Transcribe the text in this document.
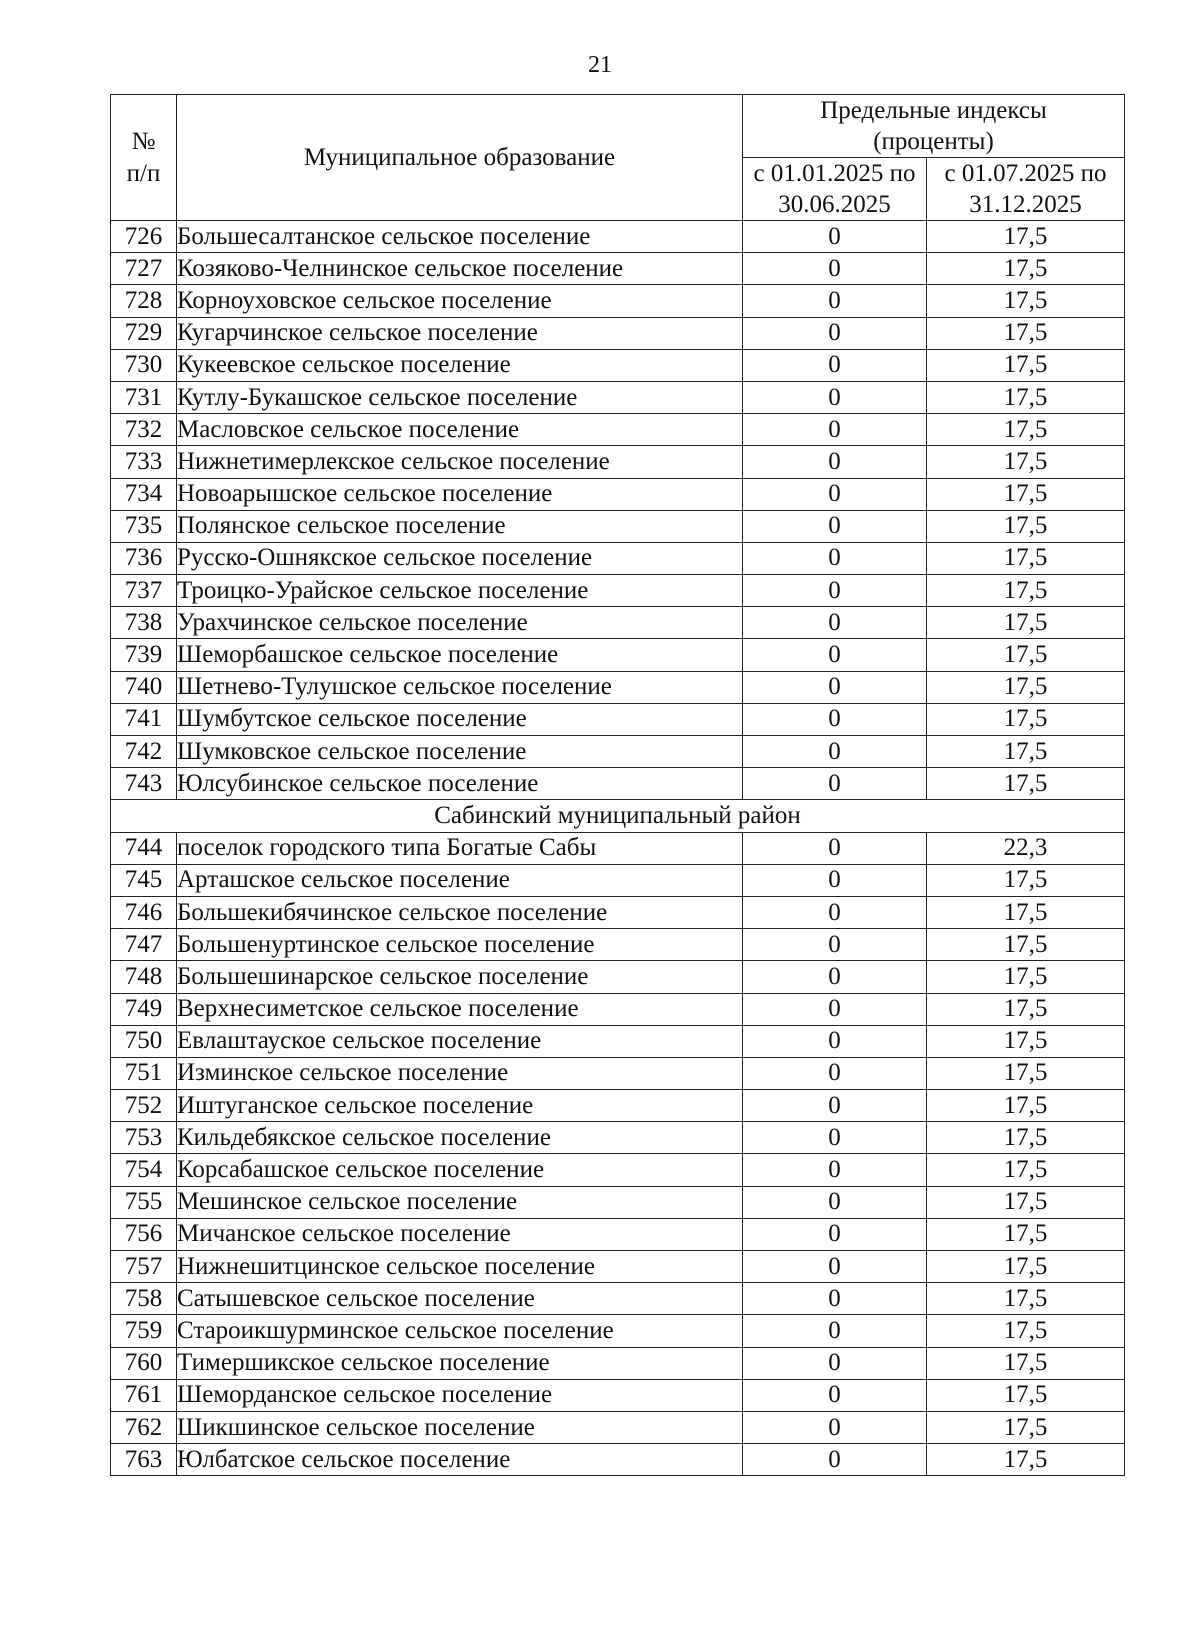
21
№
п/п	Муниципальное образование	Предельные индексы (проценты)	
		с 01.01.2025 по 30.06.2025	с 01.07.2025 по 31.12.2025
726	Большесалтанское сельское поселение	0	17,5
727	Козяково-Челнинское сельское поселение	0	17,5
728	Корноуховское сельское поселение	0	17,5
729	Кугарчинское сельское поселение	0	17,5
730	Кукеевское сельское поселение	0	17,5
731	Кутлу-Букашское сельское поселение	0	17,5
732	Масловское сельское поселение	0	17,5
733	Нижнетимерлекское сельское поселение	0	17,5
734	Новоарышское сельское поселение	0	17,5
735	Полянское сельское поселение	0	17,5
736	Русско-Ошнякское сельское поселение	0	17,5
737	Троицко-Урайское сельское поселение	0	17,5
738	Урахчинское сельское поселение	0	17,5
739	Шеморбашское сельское поселение	0	17,5
740	Шетнево-Тулушское сельское поселение	0	17,5
741	Шумбутское сельское поселение	0	17,5
742	Шумковское сельское поселение	0	17,5
743	Юлсубинское сельское поселение	0	17,5
Сабинский муниципальный район			
744	поселок городского типа Богатые Сабы	0	22,3
745	Арташское сельское поселение	0	17,5
746	Большекибячинское сельское поселение	0	17,5
747	Большенyртинское сельское поселение	0	17,5
748	Большешинарское сельское поселение	0	17,5
749	Верхнесиметское сельское поселение	0	17,5
750	Евлаштауское сельское поселение	0	17,5
751	Изминское сельское поселение	0	17,5
752	Иштуганское сельское поселение	0	17,5
753	Кильдебякское сельское поселение	0	17,5
754	Корсабашское сельское поселение	0	17,5
755	Мешинское сельское поселение	0	17,5
756	Мичанское сельское поселение	0	17,5
757	Нижнешитцинское сельское поселение	0	17,5
758	Сатышевское сельское поселение	0	17,5
759	Староикшурминское сельское поселение	0	17,5
760	Тимершикское сельское поселение	0	17,5
761	Шеморданское сельское поселение	0	17,5
762	Шикшинское сельское поселение	0	17,5
763	Юлбатское сельское поселение	0	17,5
